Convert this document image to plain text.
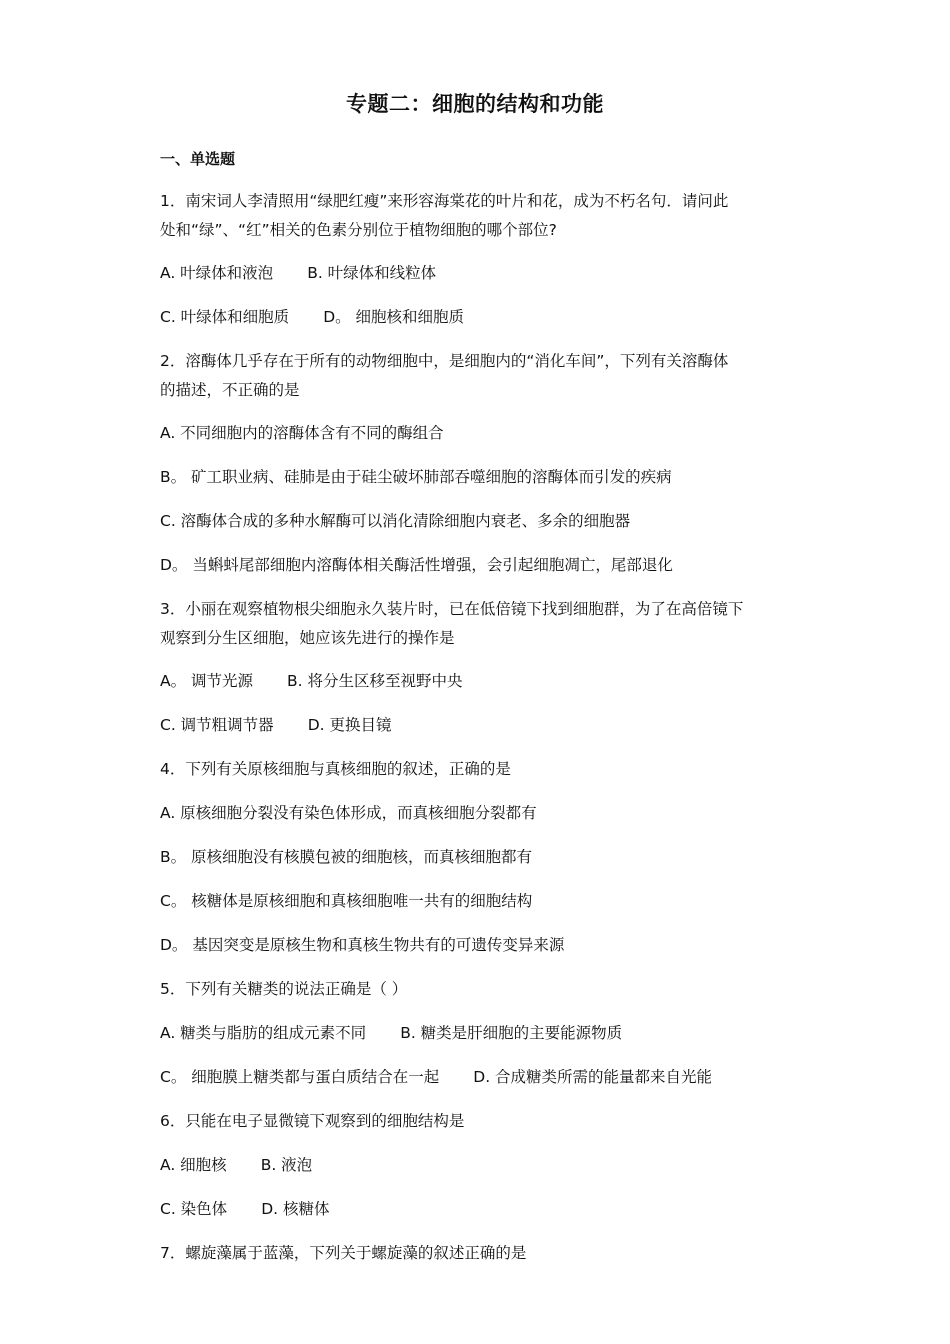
专题二：细胞的结构和功能
一、单选题
1．南宋词人李清照用“绿肥红瘦”来形容海棠花的叶片和花，成为不朽名句．请问此
处和“绿”、“红”相关的色素分别位于植物细胞的哪个部位?
A. 叶绿体和液泡 B. 叶绿体和线粒体
C. 叶绿体和细胞质 D。 细胞核和细胞质
2．溶酶体几乎存在于所有的动物细胞中，是细胞内的“消化车间”，下列有关溶酶体
的描述，不正确的是
A. 不同细胞内的溶酶体含有不同的酶组合
B。 矿工职业病、硅肺是由于硅尘破坏肺部吞噬细胞的溶酶体而引发的疾病
C. 溶酶体合成的多种水解酶可以消化清除细胞内衰老、多余的细胞器
D。 当蝌蚪尾部细胞内溶酶体相关酶活性增强，会引起细胞凋亡，尾部退化
3．小丽在观察植物根尖细胞永久装片时，已在低倍镜下找到细胞群，为了在高倍镜下
观察到分生区细胞，她应该先进行的操作是
A。 调节光源 B. 将分生区移至视野中央
C. 调节粗调节器 D. 更换目镜
4．下列有关原核细胞与真核细胞的叙述，正确的是
A. 原核细胞分裂没有染色体形成，而真核细胞分裂都有
B。 原核细胞没有核膜包被的细胞核，而真核细胞都有
C。 核糖体是原核细胞和真核细胞唯一共有的细胞结构
D。 基因突变是原核生物和真核生物共有的可遗传变异来源
5．下列有关糖类的说法正确是（ ）
A. 糖类与脂肪的组成元素不同 B. 糖类是肝细胞的主要能源物质
C。 细胞膜上糖类都与蛋白质结合在一起 D. 合成糖类所需的能量都来自光能
6．只能在电子显微镜下观察到的细胞结构是
A. 细胞核 B. 液泡
C. 染色体 D. 核糖体
7．螺旋藻属于蓝藻，下列关于螺旋藻的叙述正确的是
